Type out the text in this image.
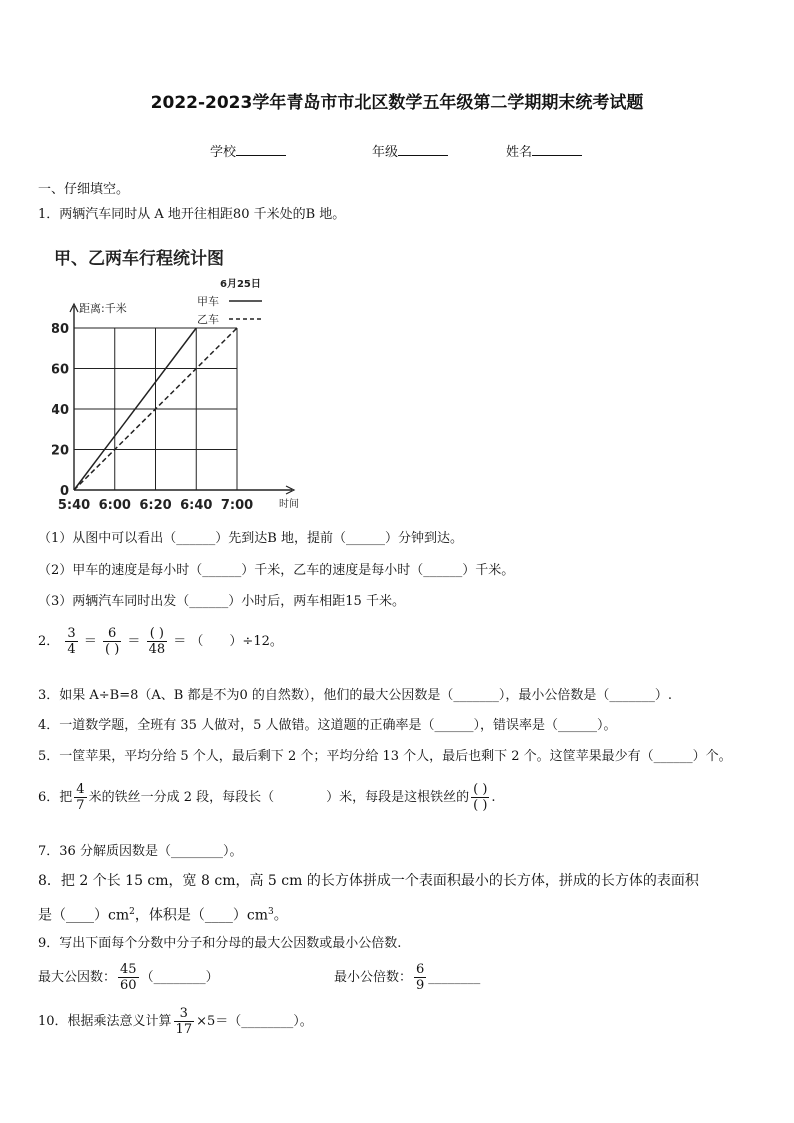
2022-2023学年青岛市市北区数学五年级第二学期期末统考试题
学校	年级	姓名
一、仔细填空。
1．两辆汽车同时从 A 地开往相距80 千米处的B 地。
甲、乙两车行程统计图
6月25日
甲车
乙车
距离:千米
时间
0
20
40
60
80
5:40 6:00 6:20 6:40 7:00
（1）从图中可以看出（______）先到达B 地，提前（______）分钟到达。
（2）甲车的速度是每小时（______）千米，乙车的速度是每小时（______）千米。
（3）两辆汽车同时出发（______）小时后，两车相距15 千米。
2． $\frac{3}{4} = \frac{6}{( )} = \frac{( )}{48}$ ＝ （　　）÷12。
3．如果 A÷B=8（A、B 都是不为0 的自然数），他们的最大公因数是（_______），最小公倍数是（_______）.
4．一道数学题，全班有 35 人做对，5 人做错。这道题的正确率是（______），错误率是（______）。
5．一筐苹果，平均分给 5 个人，最后剩下 2 个；平均分给 13 个人，最后也剩下 2 个。这筐苹果最少有（______）个。
6．把 $\frac{4}{7}$ 米的铁丝一分成 2 段，每段长（　　　　）米，每段是这根铁丝的 $\frac{( )}{( )}$ .
7．36 分解质因数是（________）。
8．把 2 个长 15 cm，宽 8 cm，高 5 cm 的长方体拼成一个表面积最小的长方体，拼成的长方体的表面积
是$(\_\_\_\_)cm^2$，体积是$(\_\_\_\_)cm^3$。
9．写出下面每个分数中分子和分母的最大公因数或最小公倍数.
最大公因数： $\frac{45}{60}$ （________）	最小公倍数： $\frac{6}{9}$ ________
10．根据乘法意义计算 $\frac{3}{17}$ ×5＝（________）。
